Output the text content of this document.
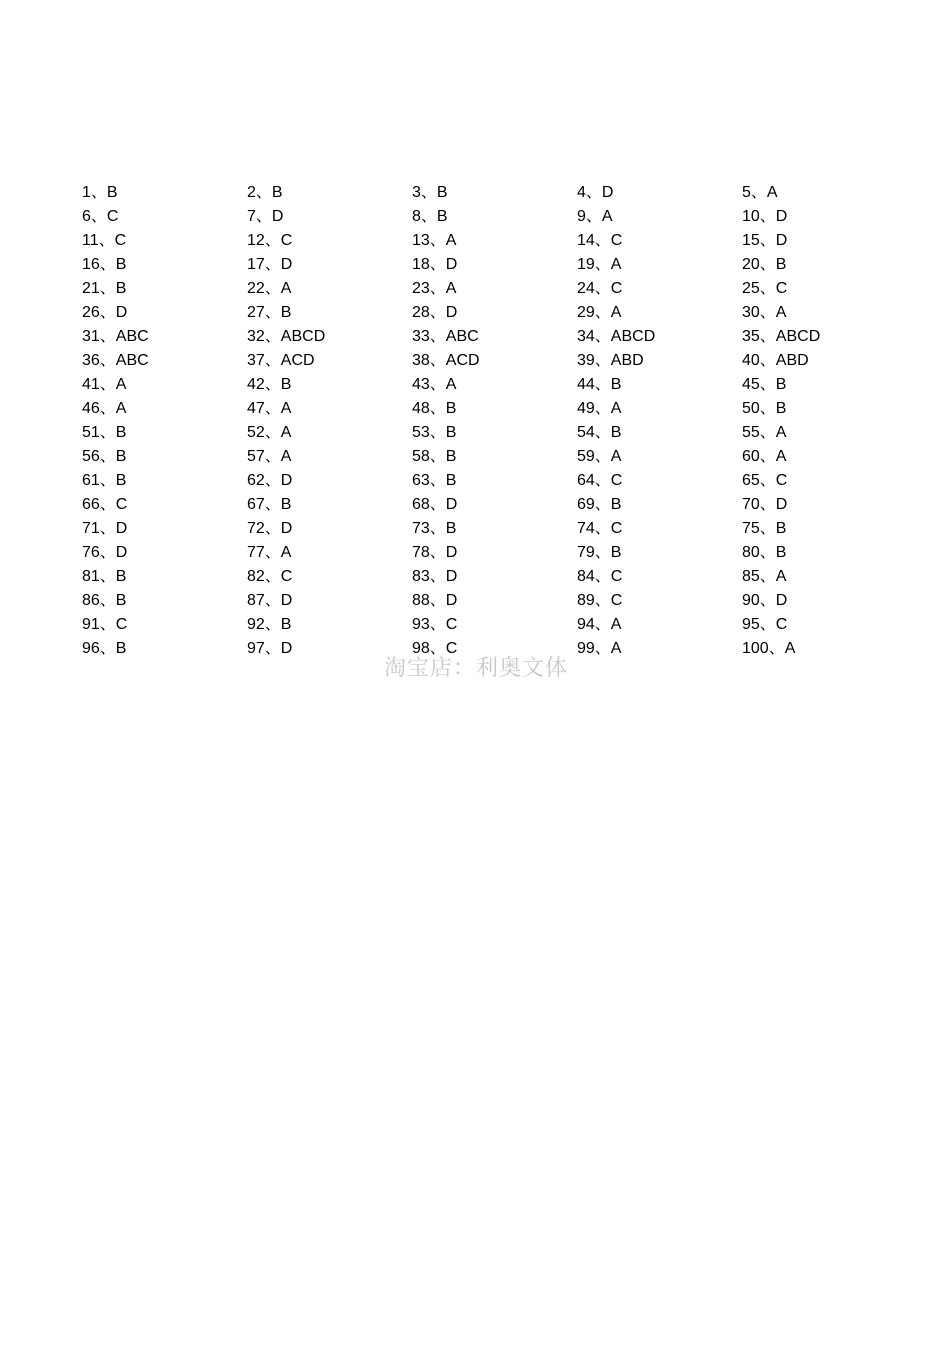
1、B	2、B	3、B	4、D	5、A
6、C	7、D	8、B	9、A	10、D
11、C	12、C	13、A	14、C	15、D
16、B	17、D	18、D	19、A	20、B
21、B	22、A	23、A	24、C	25、C
26、D	27、B	28、D	29、A	30、A
31、ABC	32、ABCD	33、ABC	34、ABCD	35、ABCD
36、ABC	37、ACD	38、ACD	39、ABD	40、ABD
41、A	42、B	43、A	44、B	45、B
46、A	47、A	48、B	49、A	50、B
51、B	52、A	53、B	54、B	55、A
56、B	57、A	58、B	59、A	60、A
61、B	62、D	63、B	64、C	65、C
66、C	67、B	68、D	69、B	70、D
71、D	72、D	73、B	74、C	75、B
76、D	77、A	78、D	79、B	80、B
81、B	82、C	83、D	84、C	85、A
86、B	87、D	88、D	89、C	90、D
91、C	92、B	93、C	94、A	95、C
96、B	97、D	98、C	99、A	100、A
淘宝店：利奥文体
